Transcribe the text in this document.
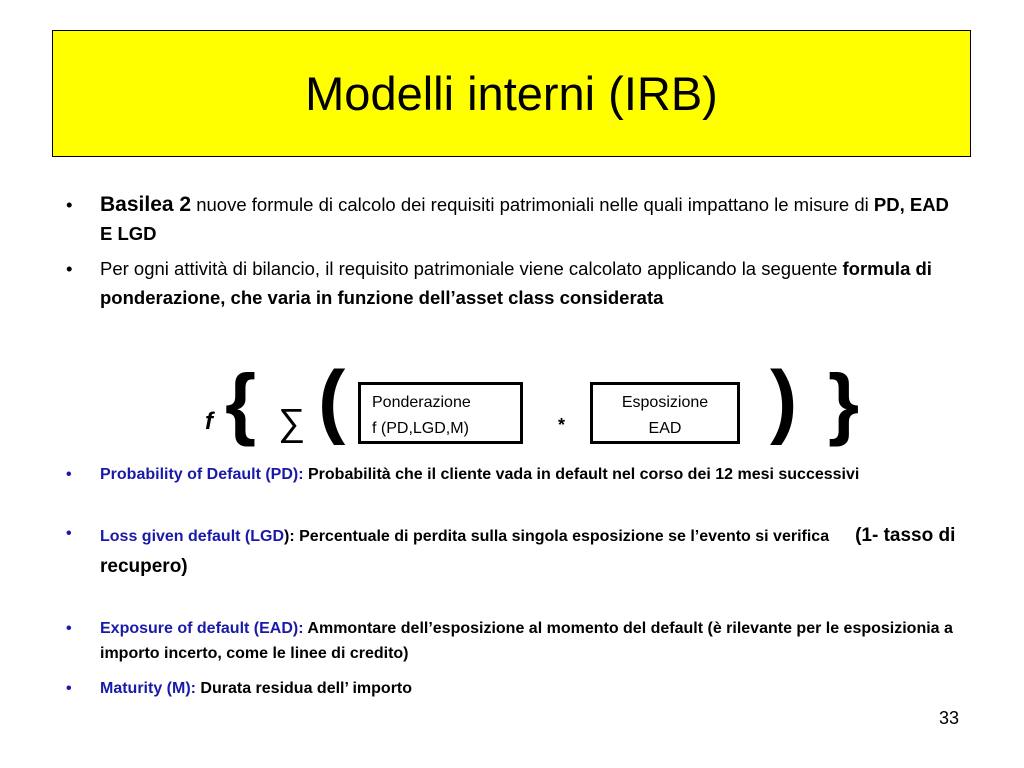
Modelli interni (IRB)
•	Basilea 2 nuove formule di calcolo dei requisiti patrimoniali nelle quali impattano le misure di PD, EAD E LGD
•	Per ogni attività di bilancio, il requisito patrimoniale viene calcolato applicando la seguente formula di ponderazione, che varia in funzione dell’asset class considerata
f { ∑ ( Ponderazione
f (PD,LGD,M)	*
Esposizione
EAD	) }
•	Probability of Default (PD): Probabilità che il cliente vada in default nel corso dei 12 mesi successivi
•	Loss given default (LGD): Percentuale di perdita sulla singola esposizione se l’evento si verifica (1- tasso di recupero)
•	Exposure of default (EAD): Ammontare dell’esposizione al momento del default (è rilevante per le esposizionia a importo incerto, come le linee di credito)
•	Maturity (M): Durata residua dell’ importo
33
